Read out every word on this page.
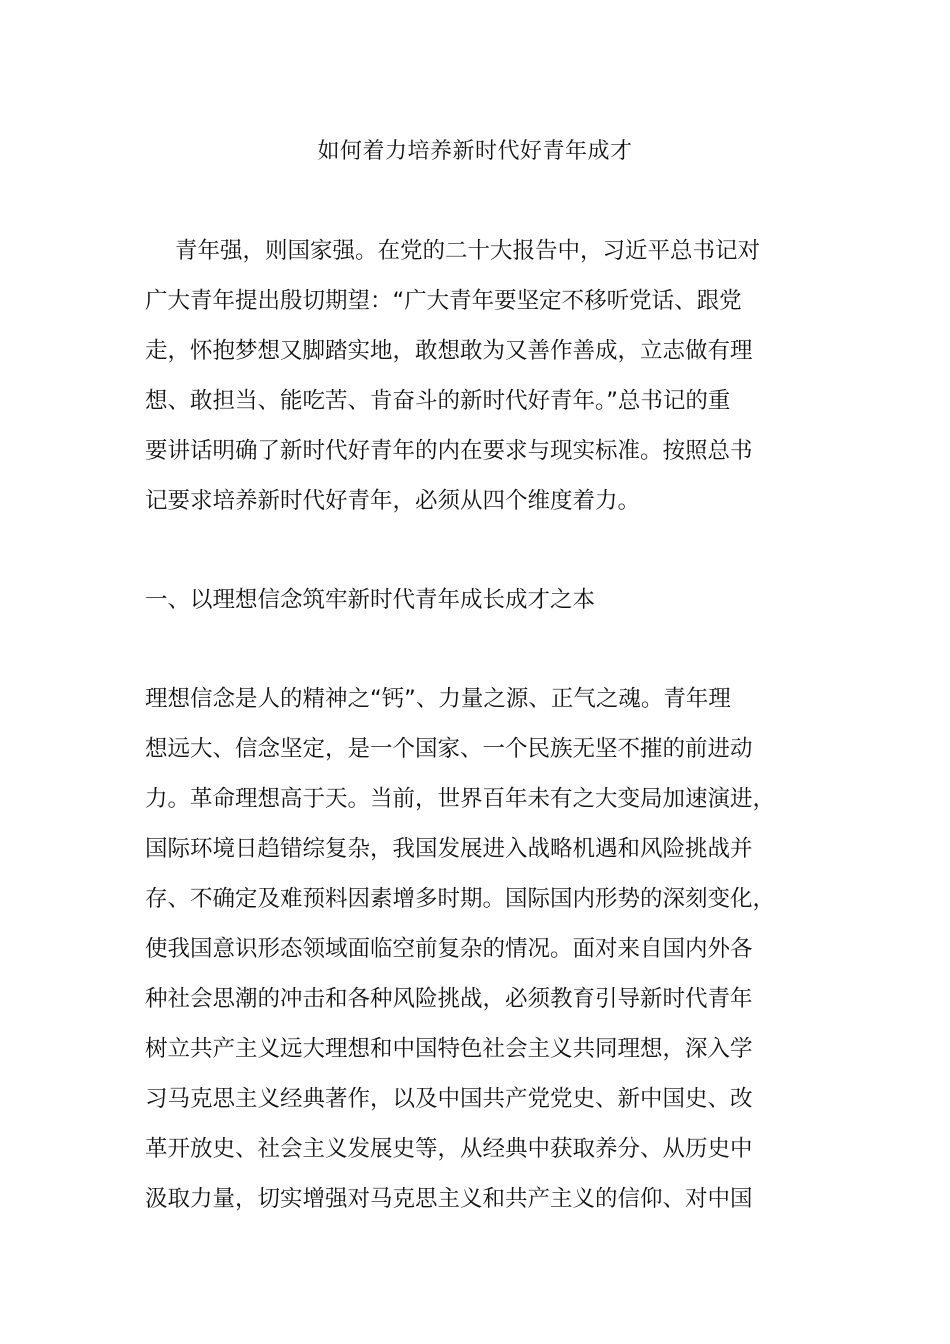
如何着力培养新时代好青年成才
青年强，则国家强。在党的二十大报告中，习近平总书记对
广大青年提出殷切期望：“广大青年要坚定不移听党话、跟党
走，怀抱梦想又脚踏实地，敢想敢为又善作善成，立志做有理
想、敢担当、能吃苦、肯奋斗的新时代好青年。”总书记的重
要讲话明确了新时代好青年的内在要求与现实标准。按照总书
记要求培养新时代好青年，必须从四个维度着力。
一、以理想信念筑牢新时代青年成长成才之本
理想信念是人的精神之“钙”、力量之源、正气之魂。青年理
想远大、信念坚定，是一个国家、一个民族无坚不摧的前进动
力。革命理想高于天。当前，世界百年未有之大变局加速演进，
国际环境日趋错综复杂，我国发展进入战略机遇和风险挑战并
存、不确定及难预料因素增多时期。国际国内形势的深刻变化，
使我国意识形态领域面临空前复杂的情况。面对来自国内外各
种社会思潮的冲击和各种风险挑战，必须教育引导新时代青年
树立共产主义远大理想和中国特色社会主义共同理想，深入学
习马克思主义经典著作，以及中国共产党党史、新中国史、改
革开放史、社会主义发展史等，从经典中获取养分、从历史中
汲取力量，切实增强对马克思主义和共产主义的信仰、对中国
